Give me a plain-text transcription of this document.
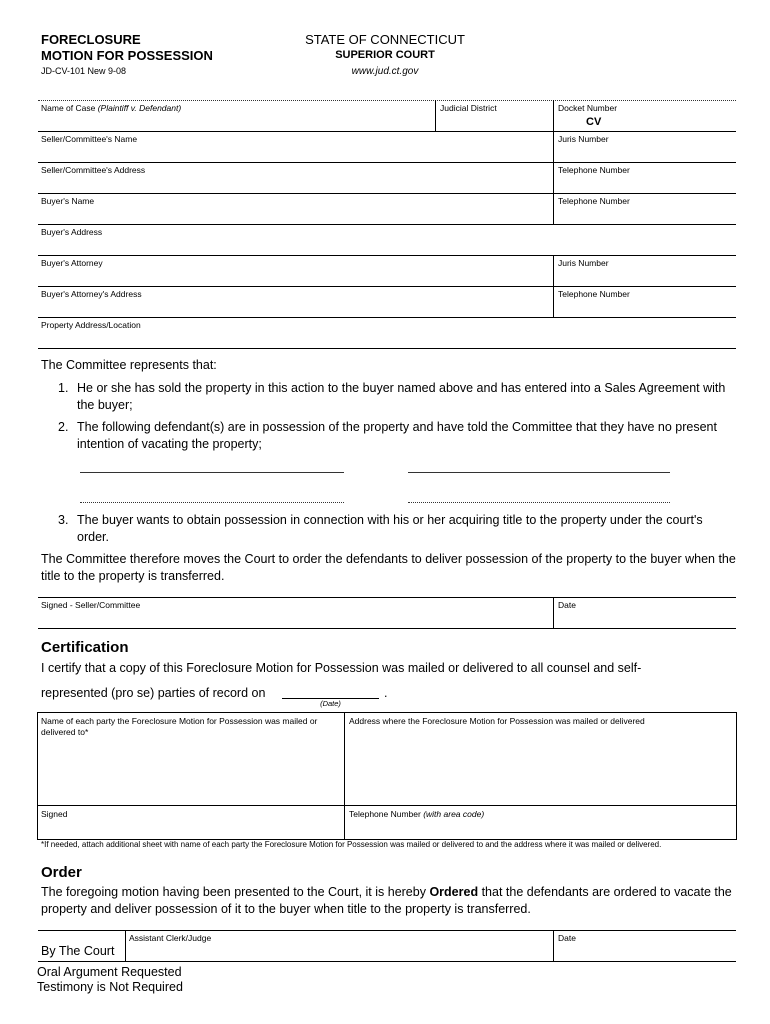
FORECLOSURE
MOTION FOR POSSESSION
JD-CV-101 New 9-08
STATE OF CONNECTICUT
SUPERIOR COURT
www.jud.ct.gov
Name of Case (Plaintiff v. Defendant)	Judicial District	Docket Number
CV
Seller/Committee's Name	Juris Number
Seller/Committee's Address	Telephone Number
Buyer's Name	Telephone Number
Buyer's Address
Buyer's Attorney	Juris Number
Buyer's Attorney's Address	Telephone Number
Property Address/Location
The Committee represents that:
1. He or she has sold the property in this action to the buyer named above and has entered into a Sales Agreement with the buyer;
2. The following defendant(s) are in possession of the property and have told the Committee that they have no present intention of vacating the property;
3. The buyer wants to obtain possession in connection with his or her acquiring title to the property under the court's order.
The Committee therefore moves the Court to order the defendants to deliver possession of the property to the buyer when the title to the property is transferred.
Signed - Seller/Committee	Date
Certification
I certify that a copy of this Foreclosure Motion for Possession was mailed or delivered to all counsel and self-
represented (pro se) parties of record on	.
(Date)
Name of each party the Foreclosure Motion for Possession was mailed or delivered to*
Address where the Foreclosure Motion for Possession was mailed or delivered
Signed	Telephone Number (with area code)
*If needed, attach additional sheet with name of each party the Foreclosure Motion for Possession was mailed or delivered to and the address where it was mailed or delivered.
Order
The foregoing motion having been presented to the Court, it is hereby Ordered that the defendants are ordered to vacate the property and deliver possession of it to the buyer when title to the property is transferred.
By The Court
Assistant Clerk/Judge	Date
Oral Argument Requested
Testimony is Not Required
